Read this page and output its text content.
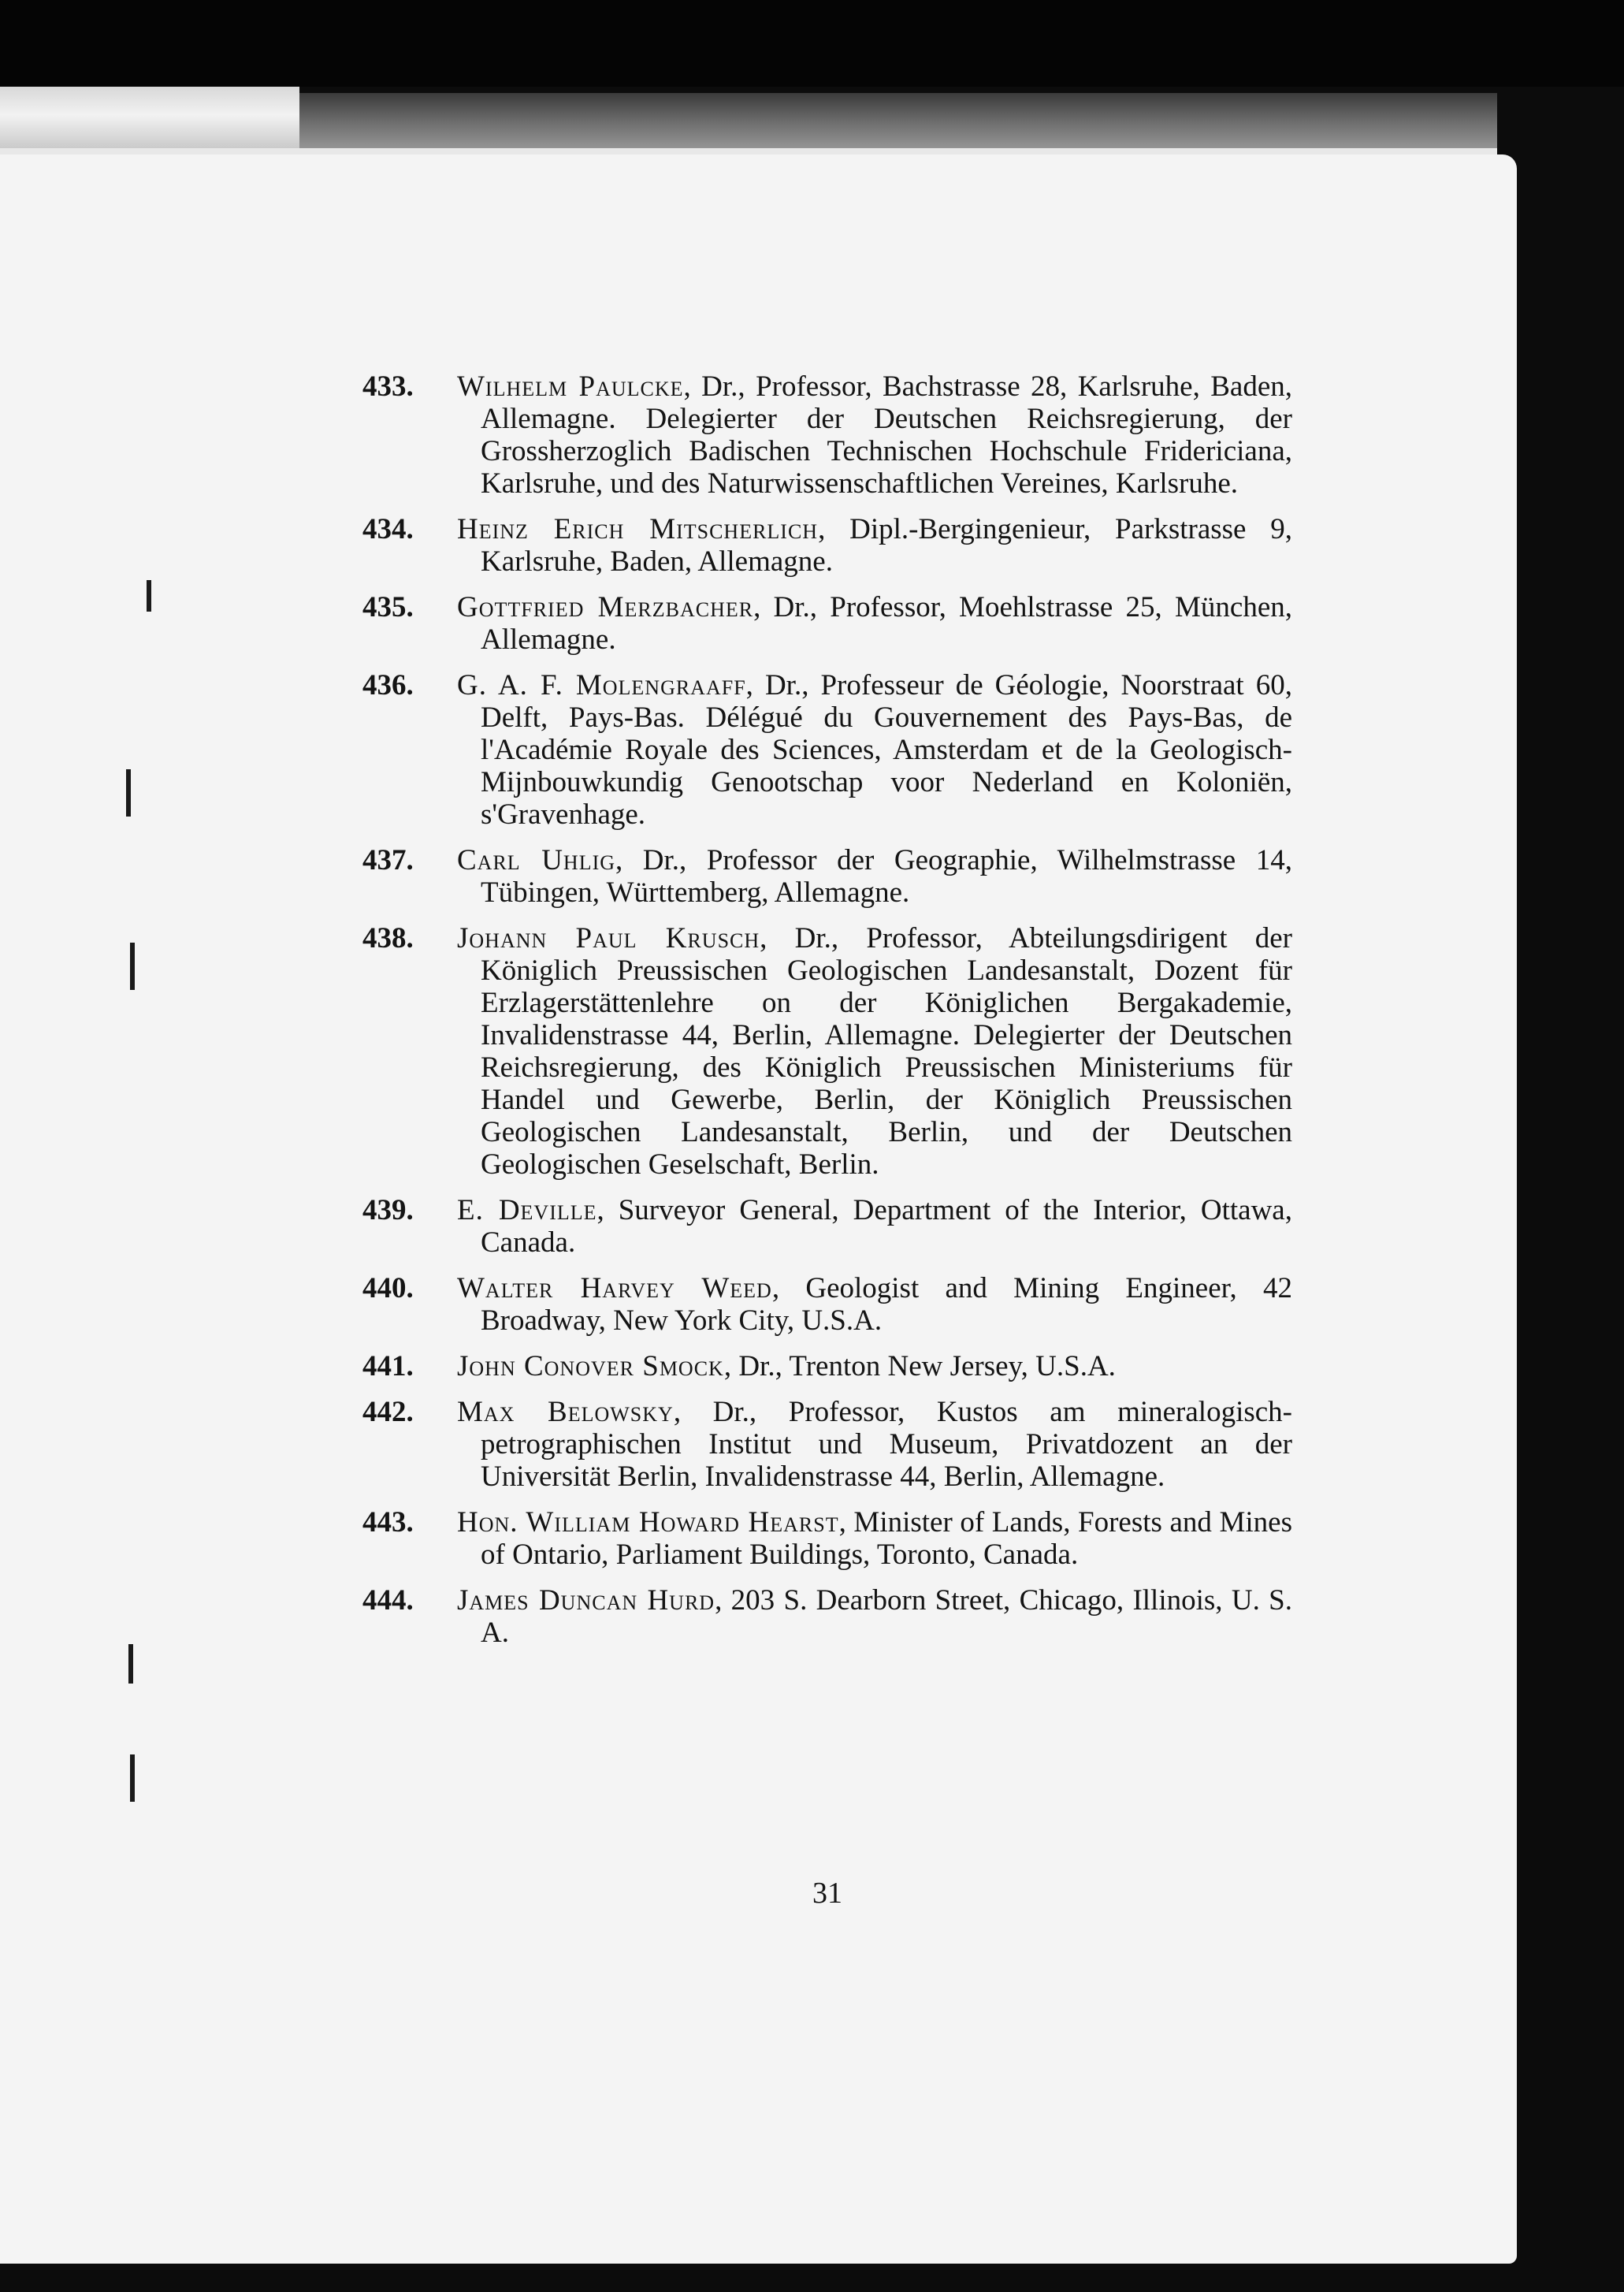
433.	Wilhelm Paulcke, Dr., Professor, Bachstrasse 28, Karlsruhe, Baden, Allemagne. Delegierter der Deutschen Reichsregierung, der Grossherzoglich Badischen Technischen Hochschule Fridericiana, Karlsruhe, und des Naturwissenschaftlichen Vereines, Karlsruhe.
434.	Heinz Erich Mitscherlich, Dipl.-Bergingenieur, Parkstrasse 9, Karlsruhe, Baden, Allemagne.
435.	Gottfried Merzbacher, Dr., Professor, Moehlstrasse 25, München, Allemagne.
436.	G. A. F. Molengraaff, Dr., Professeur de Géologie, Noorstraat 60, Delft, Pays-Bas. Délégué du Gouvernement des Pays-Bas, de l'Académie Royale des Sciences, Amsterdam et de la Geologisch-Mijnbouwkundig Genootschap voor Nederland en Koloniën, s'Gravenhage.
437.	Carl Uhlig, Dr., Professor der Geographie, Wilhelmstrasse 14, Tübingen, Württemberg, Allemagne.
438.	Johann Paul Krusch, Dr., Professor, Abteilungsdirigent der Königlich Preussischen Geologischen Landesanstalt, Dozent für Erzlagerstättenlehre on der Königlichen Bergakademie, Invalidenstrasse 44, Berlin, Allemagne. Delegierter der Deutschen Reichsregierung, des Königlich Preussischen Ministeriums für Handel und Gewerbe, Berlin, der Königlich Preussischen Geologischen Landesanstalt, Berlin, und der Deutschen Geologischen Geselschaft, Berlin.
439.	E. Deville, Surveyor General, Department of the Interior, Ottawa, Canada.
440.	Walter Harvey Weed, Geologist and Mining Engineer, 42 Broadway, New York City, U.S.A.
441.	John Conover Smock, Dr., Trenton New Jersey, U.S.A.
442.	Max Belowsky, Dr., Professor, Kustos am mineralogisch-petrographischen Institut und Museum, Privatdozent an der Universität Berlin, Invalidenstrasse 44, Berlin, Allemagne.
443.	Hon. William Howard Hearst, Minister of Lands, Forests and Mines of Ontario, Parliament Buildings, Toronto, Canada.
444.	James Duncan Hurd, 203 S. Dearborn Street, Chicago, Illinois, U. S. A.
31
